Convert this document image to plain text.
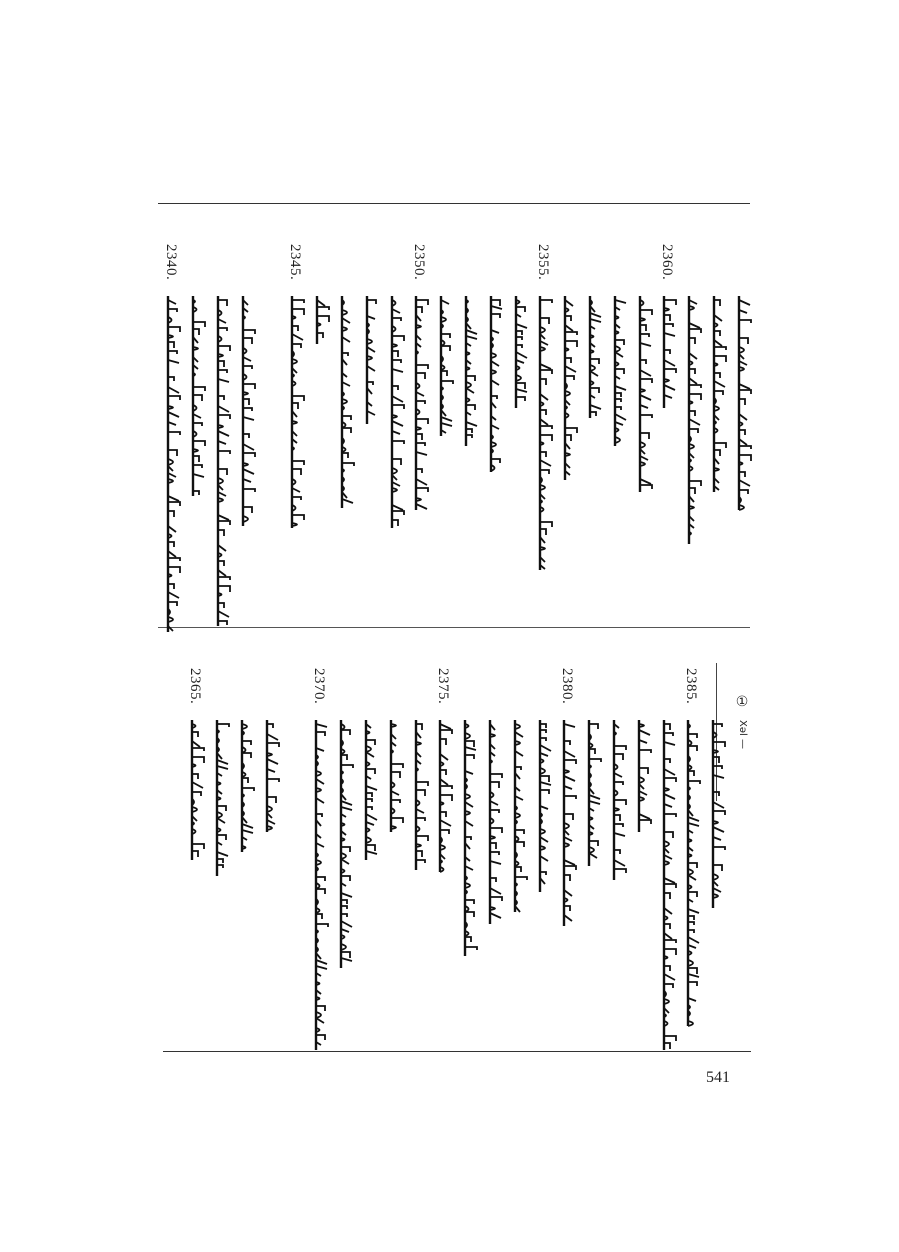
2340.	2345.	2350.	2355.	2360.
2365.	2370.	2375.	2380.	2385.	①
Xəl —
541
